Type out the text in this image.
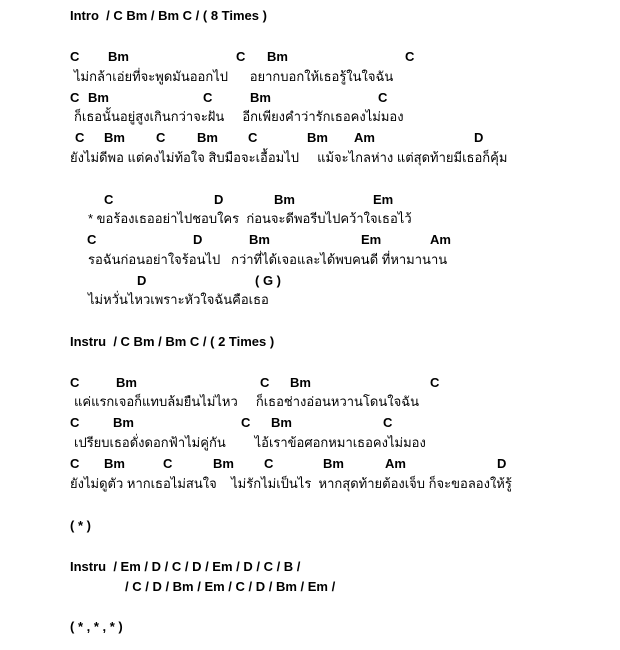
Intro  / C Bm / Bm C / ( 8 Times )
C Bm	C Bm	C
ไม่กล้าเอ่ยที่จะพูดมันออกไป      อยากบอกให้เธอรู้ในใจฉัน
C Bm	C	Bm	C
ก็เธอนั้นอยู่สูงเกินกว่าจะฝัน     อีกเพียงคำว่ารักเธอคงไม่มอง
C Bm C Bm C	Bm Am	D
ยังไม่ดีพอ แต่คงไม่ท้อใจ สิบมือจะเอื้อมไป     แม้จะไกลห่าง แต่สุดท้ายมีเธอก็คุ้ม
C	D	Bm	Em
* ขอร้องเธออย่าไปชอบใคร  ก่อนจะดีพอรีบไปคว้าใจเธอไว้
C	D	Bm	Em	Am
รอฉันก่อนอย่าใจร้อนไป   กว่าที่ได้เจอและได้พบคนดี ที่หามานาน
D	( G )
ไม่หวั่นไหวเพราะหัวใจฉันคือเธอ
Instru  / C Bm / Bm C / ( 2 Times )
C	Bm	C Bm	C
แค่แรกเจอก็แทบล้มยืนไม่ไหว     ก็เธอช่างอ่อนหวานโดนใจฉัน
C	Bm	C Bm	C
เปรียบเธอดั่งดอกฟ้าไม่คู่กัน        ไอ้เราข้อศอกหมาเธอคงไม่มอง
C Bm	C	Bm C	Bm	Am	D
ยังไม่ดูตัว หากเธอไม่สนใจ    ไม่รักไม่เป็นไร  หากสุดท้ายต้องเจ็บ ก็จะขอลองให้รู้
( * )
Instru  / Em / D / C / D / Em / D / C / B /
/ C / D / Bm / Em / C / D / Bm / Em /
( * , * , * )
